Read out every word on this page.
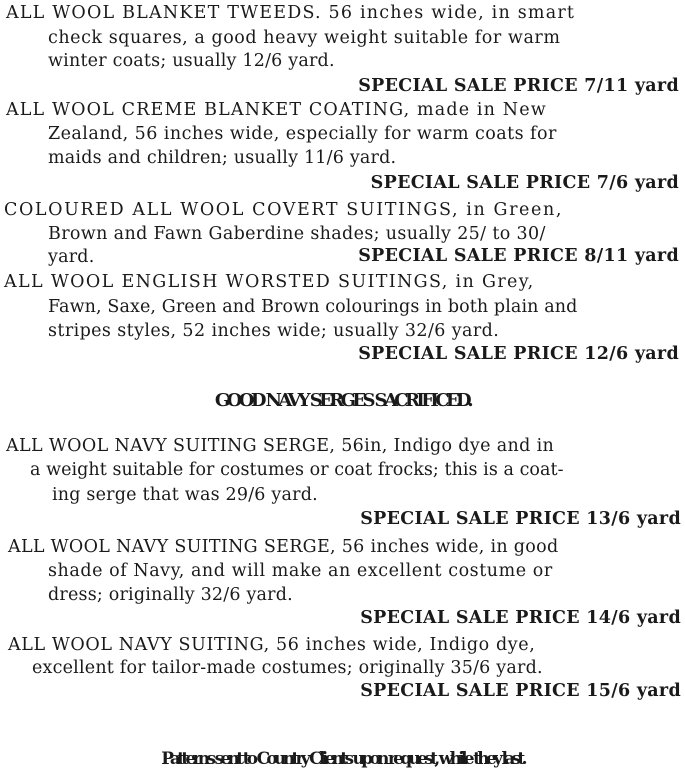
ALL WOOL BLANKET TWEEDS. 56 inches wide, in smart
check squares, a good heavy weight suitable for warm
winter coats; usually 12/6 yard.
SPECIAL SALE PRICE 7/11 yard
ALL WOOL CREME BLANKET COATING, made in New
Zealand, 56 inches wide, especially for warm coats for
maids and children; usually 11/6 yard.
SPECIAL SALE PRICE 7/6 yard
COLOURED ALL WOOL COVERT SUITINGS, in Green,
Brown and Fawn Gaberdine shades; usually 25/ to 30/
yard.	SPECIAL SALE PRICE 8/11 yard
ALL WOOL ENGLISH WORSTED SUITINGS, in Grey,
Fawn, Saxe, Green and Brown colourings in both plain and
stripes styles, 52 inches wide; usually 32/6 yard.
SPECIAL SALE PRICE 12/6 yard
GOOD NAVY SERGES SACRIFICED.
ALL WOOL NAVY SUITING SERGE, 56in, Indigo dye and in
a weight suitable for costumes or coat frocks; this is a coat-
ing serge that was 29/6 yard.
SPECIAL SALE PRICE 13/6 yard
ALL WOOL NAVY SUITING SERGE, 56 inches wide, in good
shade of Navy, and will make an excellent costume or
dress; originally 32/6 yard.
SPECIAL SALE PRICE 14/6 yard
ALL WOOL NAVY SUITING, 56 inches wide, Indigo dye,
excellent for tailor-made costumes; originally 35/6 yard.
SPECIAL SALE PRICE 15/6 yard
Patterns sent to Country Clients upon request, while they last.
